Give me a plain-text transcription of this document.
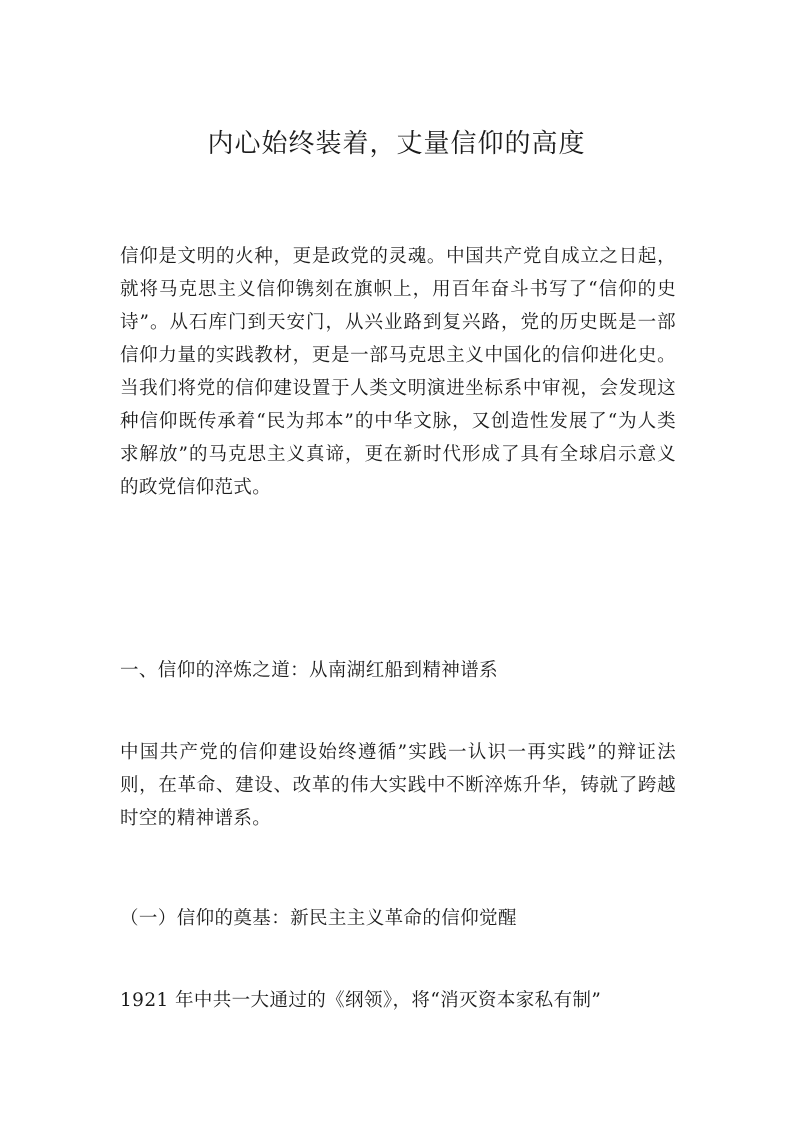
内心始终装着，丈量信仰的高度

信仰是文明的火种，更是政党的灵魂。中国共产党自成立之日起，就将马克思主义信仰镌刻在旗帜上，用百年奋斗书写了“信仰的史诗”。从石库门到天安门，从兴业路到复兴路，党的历史既是一部信仰力量的实践教材，更是一部马克思主义中国化的信仰进化史。当我们将党的信仰建设置于人类文明演进坐标系中审视，会发现这种信仰既传承着“民为邦本”的中华文脉，又创造性发展了“为人类求解放”的马克思主义真谛，更在新时代形成了具有全球启示意义的政党信仰范式。

一、信仰的淬炼之道：从南湖红船到精神谱系

中国共产党的信仰建设始终遵循”实践一认识一再实践”的辩证法则，在革命、建设、改革的伟大实践中不断淬炼升华，铸就了跨越时空的精神谱系。

（一）信仰的奠基：新民主主义革命的信仰觉醒

1921 年中共一大通过的《纲领》，将“消灭资本家私有制”
